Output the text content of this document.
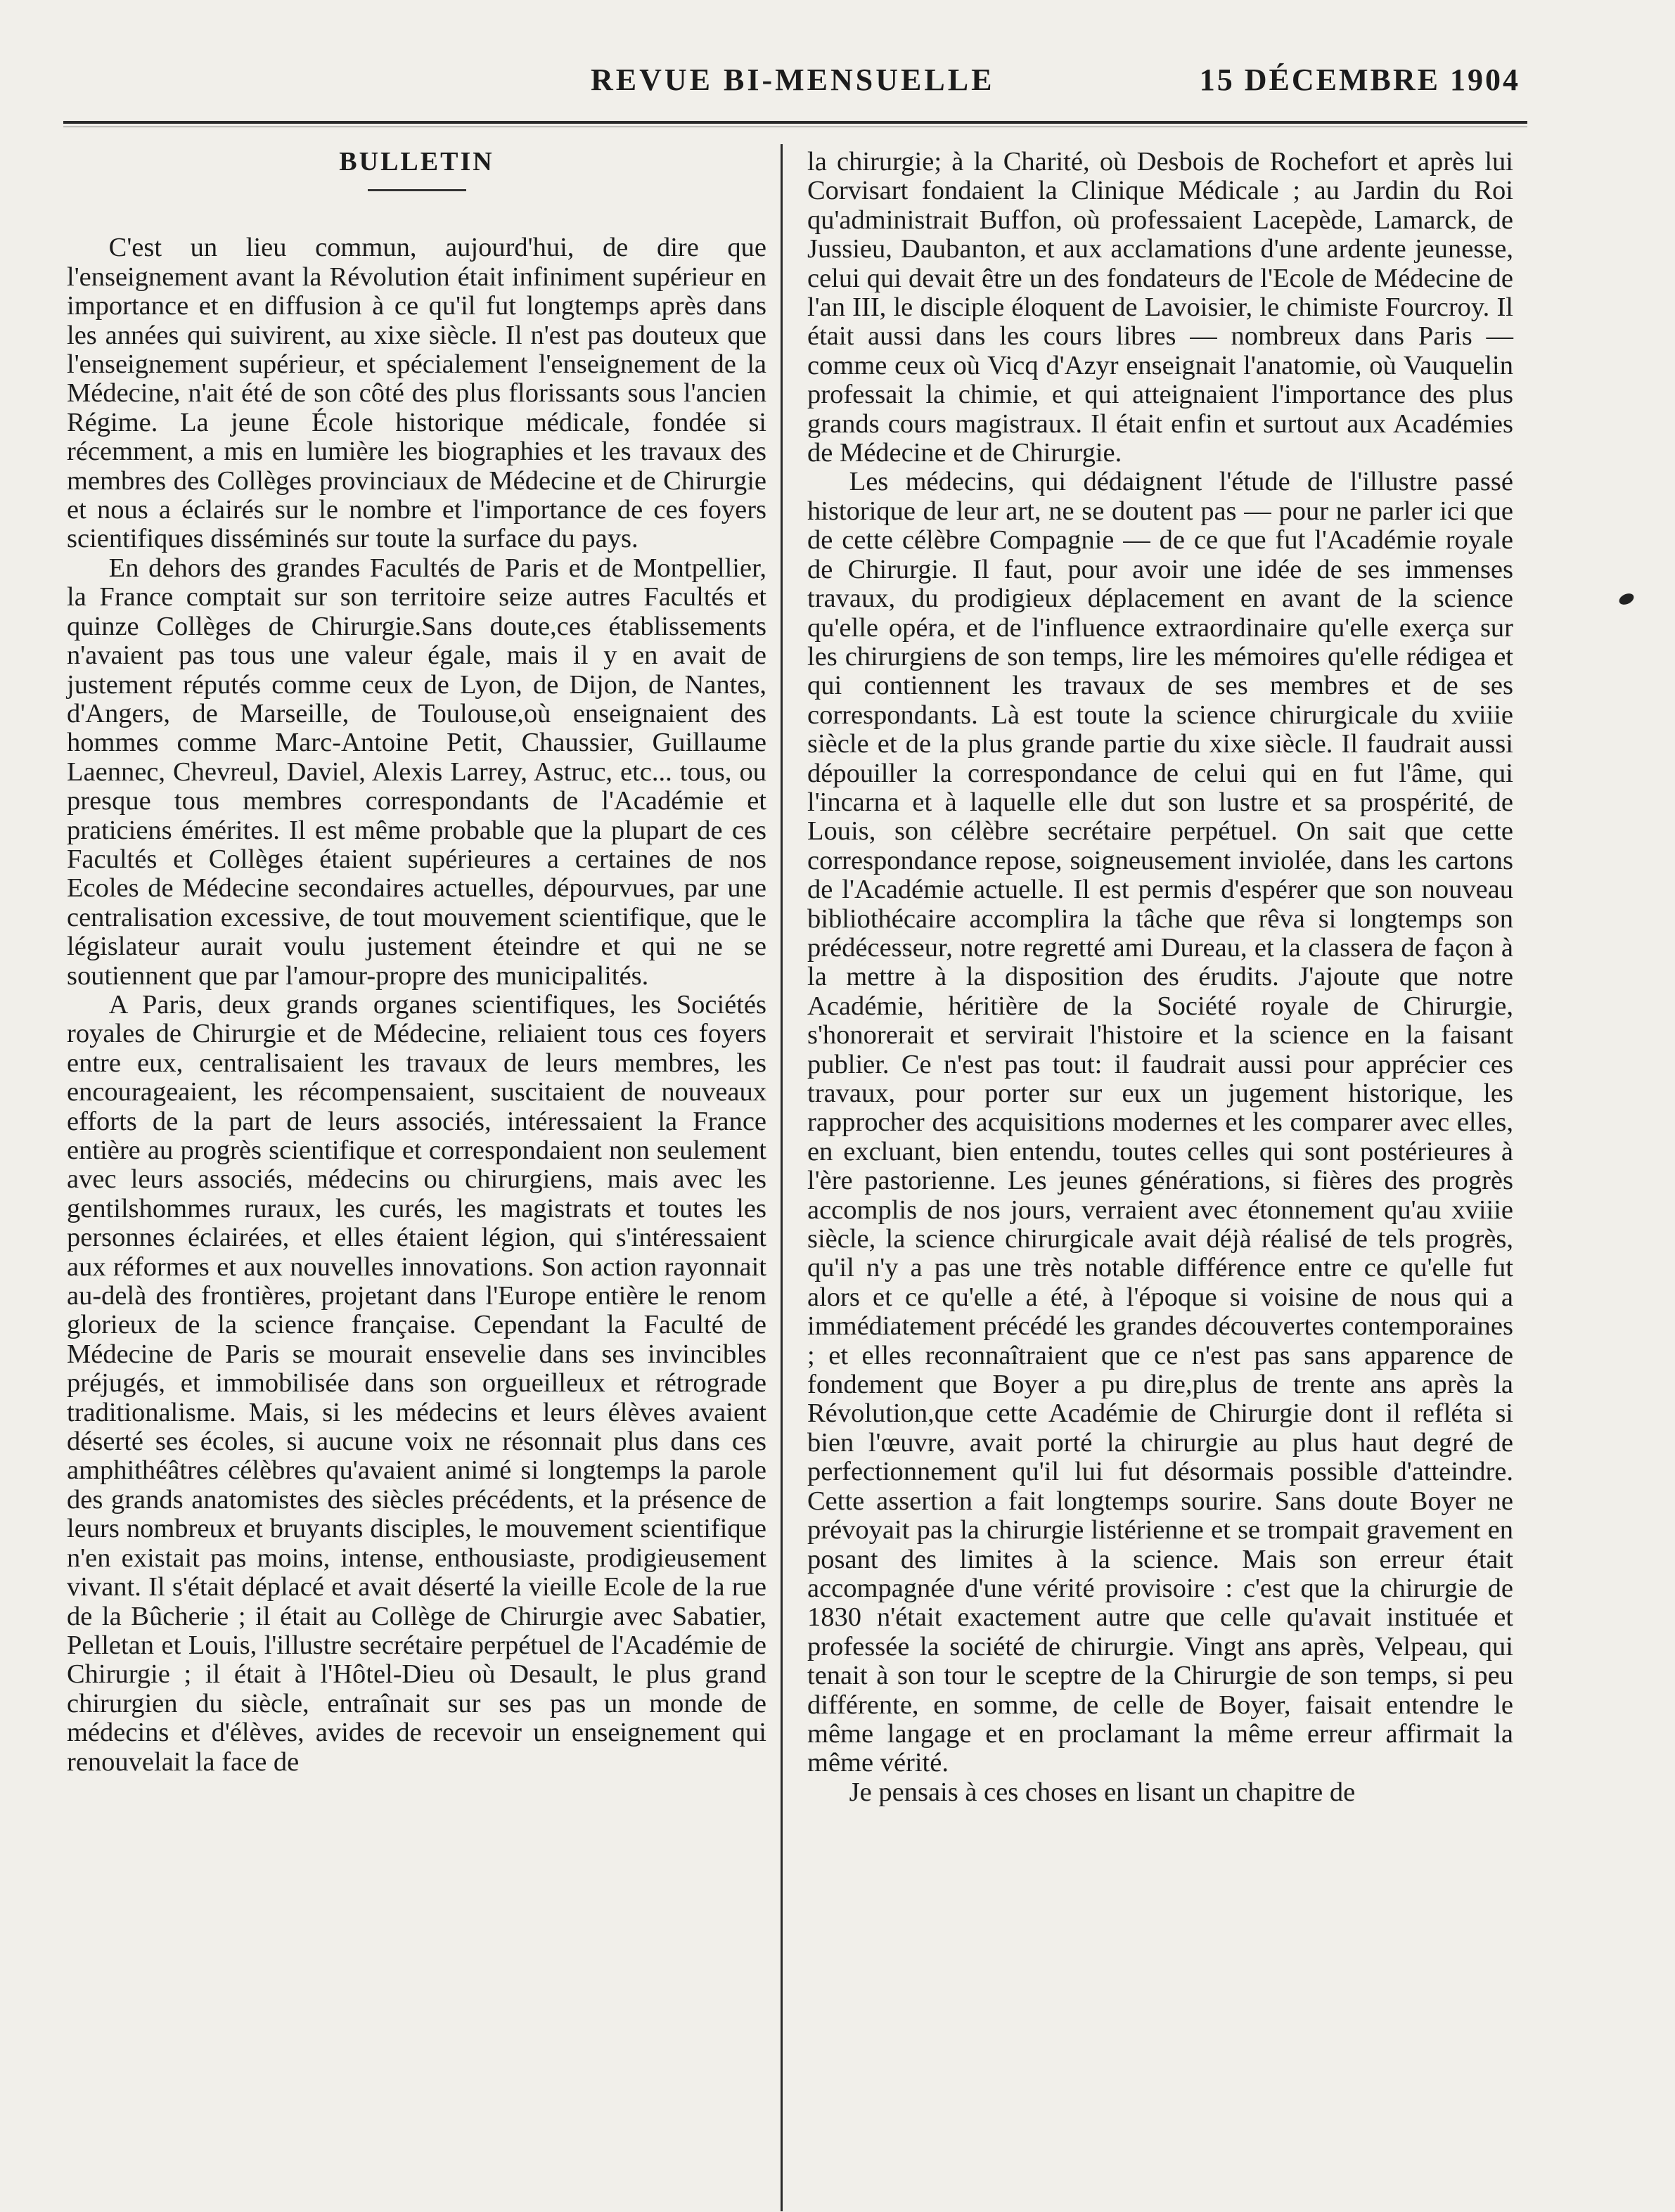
REVUE BI-MENSUELLE	15 DÉCEMBRE 1904
BULLETIN

C'est un lieu commun, aujourd'hui, de dire que l'enseignement avant la Révolution était infiniment supérieur en importance et en diffusion à ce qu'il fut longtemps après dans les années qui suivirent, au xixe siècle. Il n'est pas douteux que l'enseignement supérieur, et spécialement l'enseignement de la Médecine, n'ait été de son côté des plus florissants sous l'ancien Régime. La jeune École historique médicale, fondée si récemment, a mis en lumière les biographies et les travaux des membres des Collèges provinciaux de Médecine et de Chirurgie et nous a éclairés sur le nombre et l'importance de ces foyers scientifiques disséminés sur toute la surface du pays.

En dehors des grandes Facultés de Paris et de Montpellier, la France comptait sur son territoire seize autres Facultés et quinze Collèges de Chirurgie.Sans doute,ces établissements n'avaient pas tous une valeur égale, mais il y en avait de justement réputés comme ceux de Lyon, de Dijon, de Nantes, d'Angers, de Marseille, de Toulouse,où enseignaient des hommes comme Marc-Antoine Petit, Chaussier, Guillaume Laennec, Chevreul, Daviel, Alexis Larrey, Astruc, etc... tous, ou presque tous membres correspondants de l'Académie et praticiens émérites. Il est même probable que la plupart de ces Facultés et Collèges étaient supérieures a certaines de nos Ecoles de Médecine secondaires actuelles, dépourvues, par une centralisation excessive, de tout mouvement scientifique, que le législateur aurait voulu justement éteindre et qui ne se soutiennent que par l'amour-propre des municipalités.

A Paris, deux grands organes scientifiques, les Sociétés royales de Chirurgie et de Médecine, reliaient tous ces foyers entre eux, centralisaient les travaux de leurs membres, les encourageaient, les récompensaient, suscitaient de nouveaux efforts de la part de leurs associés, intéressaient la France entière au progrès scientifique et correspondaient non seulement avec leurs associés, médecins ou chirurgiens, mais avec les gentilshommes ruraux, les curés, les magistrats et toutes les personnes éclairées, et elles étaient légion, qui s'intéressaient aux réformes et aux nouvelles innovations. Son action rayonnait au-delà des frontières, projetant dans l'Europe entière le renom glorieux de la science française. Cependant la Faculté de Médecine de Paris se mourait ensevelie dans ses invincibles préjugés, et immobilisée dans son orgueilleux et rétrograde traditionalisme. Mais, si les médecins et leurs élèves avaient déserté ses écoles, si aucune voix ne résonnait plus dans ces amphithéâtres célèbres qu'avaient animé si longtemps la parole des grands anatomistes des siècles précédents, et la présence de leurs nombreux et bruyants disciples, le mouvement scientifique n'en existait pas moins, intense, enthousiaste, prodigieusement vivant. Il s'était déplacé et avait déserté la vieille Ecole de la rue de la Bûcherie ; il était au Collège de Chirurgie avec Sabatier, Pelletan et Louis, l'illustre secrétaire perpétuel de l'Académie de Chirurgie ; il était à l'Hôtel-Dieu où Desault, le plus grand chirurgien du siècle, entraînait sur ses pas un monde de médecins et d'élèves, avides de recevoir un enseignement qui renouvelait la face de

la chirurgie; à la Charité, où Desbois de Rochefort et après lui Corvisart fondaient la Clinique Médicale ; au Jardin du Roi qu'administrait Buffon, où professaient Lacepède, Lamarck, de Jussieu, Daubanton, et aux acclamations d'une ardente jeunesse, celui qui devait être un des fondateurs de l'Ecole de Médecine de l'an III, le disciple éloquent de Lavoisier, le chimiste Fourcroy. Il était aussi dans les cours libres — nombreux dans Paris — comme ceux où Vicq d'Azyr enseignait l'anatomie, où Vauquelin professait la chimie, et qui atteignaient l'importance des plus grands cours magistraux. Il était enfin et surtout aux Académies de Médecine et de Chirurgie.

Les médecins, qui dédaignent l'étude de l'illustre passé historique de leur art, ne se doutent pas — pour ne parler ici que de cette célèbre Compagnie — de ce que fut l'Académie royale de Chirurgie. Il faut, pour avoir une idée de ses immenses travaux, du prodigieux déplacement en avant de la science qu'elle opéra, et de l'influence extraordinaire qu'elle exerça sur les chirurgiens de son temps, lire les mémoires qu'elle rédigea et qui contiennent les travaux de ses membres et de ses correspondants. Là est toute la science chirurgicale du xviiie siècle et de la plus grande partie du xixe siècle. Il faudrait aussi dépouiller la correspondance de celui qui en fut l'âme, qui l'incarna et à laquelle elle dut son lustre et sa prospérité, de Louis, son célèbre secrétaire perpétuel. On sait que cette correspondance repose, soigneusement inviolée, dans les cartons de l'Académie actuelle. Il est permis d'espérer que son nouveau bibliothécaire accomplira la tâche que rêva si longtemps son prédécesseur, notre regretté ami Dureau, et la classera de façon à la mettre à la disposition des érudits. J'ajoute que notre Académie, héritière de la Société royale de Chirurgie, s'honorerait et servirait l'histoire et la science en la faisant publier. Ce n'est pas tout: il faudrait aussi pour apprécier ces travaux, pour porter sur eux un jugement historique, les rapprocher des acquisitions modernes et les comparer avec elles, en excluant, bien entendu, toutes celles qui sont postérieures à l'ère pastorienne. Les jeunes générations, si fières des progrès accomplis de nos jours, verraient avec étonnement qu'au xviiie siècle, la science chirurgicale avait déjà réalisé de tels progrès, qu'il n'y a pas une très notable différence entre ce qu'elle fut alors et ce qu'elle a été, à l'époque si voisine de nous qui a immédiatement précédé les grandes découvertes contemporaines ; et elles reconnaîtraient que ce n'est pas sans apparence de fondement que Boyer a pu dire,plus de trente ans après la Révolution,que cette Académie de Chirurgie dont il refléta si bien l'œuvre, avait porté la chirurgie au plus haut degré de perfectionnement qu'il lui fut désormais possible d'atteindre. Cette assertion a fait longtemps sourire. Sans doute Boyer ne prévoyait pas la chirurgie listérienne et se trompait gravement en posant des limites à la science. Mais son erreur était accompagnée d'une vérité provisoire : c'est que la chirurgie de 1830 n'était exactement autre que celle qu'avait instituée et professée la société de chirurgie. Vingt ans après, Velpeau, qui tenait à son tour le sceptre de la Chirurgie de son temps, si peu différente, en somme, de celle de Boyer, faisait entendre le même langage et en proclamant la même erreur affirmait la même vérité.

Je pensais à ces choses en lisant un chapitre de
